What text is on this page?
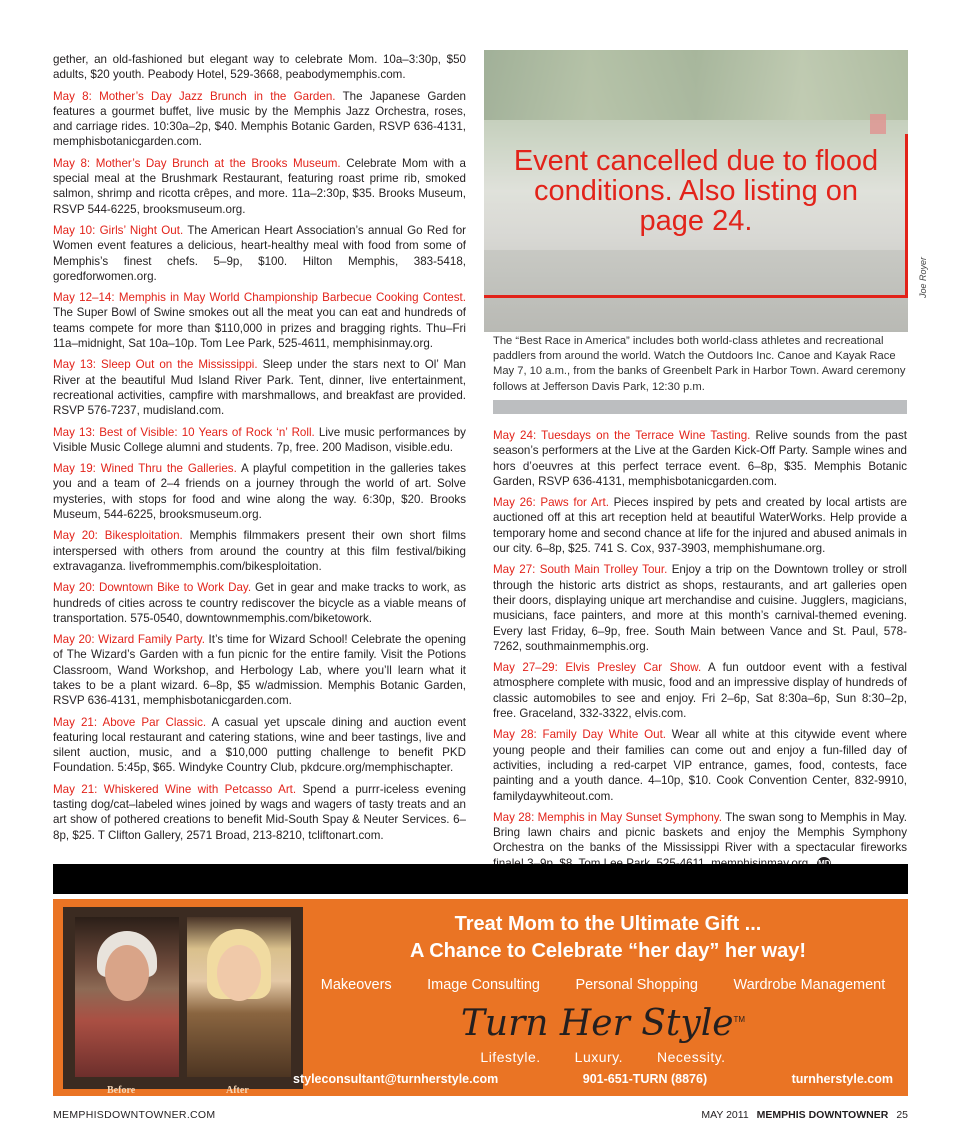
gether, an old-fashioned but elegant way to celebrate Mom. 10a–3:30p, $50 adults, $20 youth. Peabody Hotel, 529-3668, peabodymemphis.com.

May 8: Mother’s Day Jazz Brunch in the Garden. The Japanese Garden features a gourmet buffet, live music by the Memphis Jazz Orchestra, roses, and carriage rides. 10:30a–2p, $40. Memphis Botanic Garden, RSVP 636-4131, memphisbotanicgarden.com.

May 8: Mother’s Day Brunch at the Brooks Museum. Celebrate Mom with a special meal at the Brushmark Restaurant, featuring roast prime rib, smoked salmon, shrimp and ricotta crêpes, and more. 11a–2:30p, $35. Brooks Museum, RSVP 544-6225, brooksmuseum.org.

May 10: Girls’ Night Out. The American Heart Association’s annual Go Red for Women event features a delicious, heart-healthy meal with food from some of Memphis’s finest chefs. 5–9p, $100. Hilton Memphis, 383-5418, goredforwomen.org.

May 12–14: Memphis in May World Championship Barbecue Cooking Contest. The Super Bowl of Swine smokes out all the meat you can eat and hundreds of teams compete for more than $110,000 in prizes and bragging rights. Thu–Fri 11a–midnight, Sat 10a–10p. Tom Lee Park, 525-4611, memphisinmay.org.

May 13: Sleep Out on the Mississippi. Sleep under the stars next to Ol’ Man River at the beautiful Mud Island River Park. Tent, dinner, live entertainment, recreational activities, campfire with marshmallows, and breakfast are provided. RSVP 576-7237, mudisland.com.

May 13: Best of Visible: 10 Years of Rock ‘n’ Roll. Live music performances by Visible Music College alumni and students. 7p, free. 200 Madison, visible.edu.

May 19: Wined Thru the Galleries. A playful competition in the galleries takes you and a team of 2–4 friends on a journey through the world of art. Solve mysteries, with stops for food and wine along the way. 6:30p, $20. Brooks Museum, 544-6225, brooksmuseum.org.

May 20: Bikesploitation. Memphis filmmakers present their own short films interspersed with others from around the country at this film festival/biking extravaganza. livefrommemphis.com/bikesploitation.

May 20: Downtown Bike to Work Day. Get in gear and make tracks to work, as hundreds of cities across te country rediscover the bicycle as a viable means of transportation. 575-0540, downtownmemphis.com/biketowork.

May 20: Wizard Family Party. It’s time for Wizard School! Celebrate the opening of The Wizard’s Garden with a fun picnic for the entire family. Visit the Potions Classroom, Wand Workshop, and Herbology Lab, where you’ll learn what it takes to be a plant wizard. 6–8p, $5 w/admission. Memphis Botanic Garden, RSVP 636-4131, memphisbotanicgarden.com.

May 21: Above Par Classic. A casual yet upscale dining and auction event featuring local restaurant and catering stations, wine and beer tastings, live and silent auction, music, and a $10,000 putting challenge to benefit PKD Foundation. 5:45p, $65. Windyke Country Club, pkdcure.org/memphischapter.

May 21: Whiskered Wine with Petcasso Art. Spend a purrr-iceless evening tasting dog/cat–labeled wines joined by wags and wagers of tasty treats and an art show of pothered creations to benefit Mid-South Spay & Neuter Services. 6–8p, $25. T Clifton Gallery, 2571 Broad, 213-8210, tcliftonart.com.

Event cancelled due to flood conditions. Also listing on page 24.
Joe Royer

The “Best Race in America” includes both world-class athletes and recreational paddlers from around the world. Watch the Outdoors Inc. Canoe and Kayak Race May 7, 10 a.m., from the banks of Greenbelt Park in Harbor Town. Award ceremony follows at Jefferson Davis Park, 12:30 p.m.

May 24: Tuesdays on the Terrace Wine Tasting. Relive sounds from the past season’s performers at the Live at the Garden Kick-Off Party. Sample wines and hors d’oeuvres at this perfect terrace event. 6–8p, $35. Memphis Botanic Garden, RSVP 636-4131, memphisbotanicgarden.com.

May 26: Paws for Art. Pieces inspired by pets and created by local artists are auctioned off at this art reception held at beautiful WaterWorks. Help provide a temporary home and second chance at life for the injured and abused animals in our city. 6–8p, $25. 741 S. Cox, 937-3903, memphishumane.org.

May 27: South Main Trolley Tour. Enjoy a trip on the Downtown trolley or stroll through the historic arts district as shops, restaurants, and art galleries open their doors, displaying unique art merchandise and cuisine. Jugglers, magicians, musicians, face painters, and more at this month’s carnival-themed evening. Every last Friday, 6–9p, free. South Main between Vance and St. Paul, 578-7262, southmainmemphis.org.

May 27–29: Elvis Presley Car Show. A fun outdoor event with a festival atmosphere complete with music, food and an impressive display of hundreds of classic automobiles to see and enjoy. Fri 2–6p, Sat 8:30a–6p, Sun 8:30–2p, free. Graceland, 332-3322, elvis.com.

May 28: Family Day White Out. Wear all white at this citywide event where young people and their families can come out and enjoy a fun-filled day of activities, including a red-carpet VIP entrance, games, food, contests, face painting and a youth dance. 4–10p, $10. Cook Convention Center, 832-9910, familydaywhiteout.com.

May 28: Memphis in May Sunset Symphony. The swan song to Memphis in May. Bring lawn chairs and picnic baskets and enjoy the Memphis Symphony Orchestra on the banks of the Mississippi River with a spectacular fireworks

Before	After
Treat Mom to the Ultimate Gift ...
A Chance to Celebrate “her day” her way!
Makeovers Image Consulting Personal Shopping Wardrobe Management
Turn Her Style™
Lifestyle. Luxury. Necessity.
styleconsultant@turnherstyle.com	901-651-TURN (8876)	turnherstyle.com
MEMPHISDOWNTOWNER.COM	MAY 2011 MEMPHIS DOWNTOWNER 25
